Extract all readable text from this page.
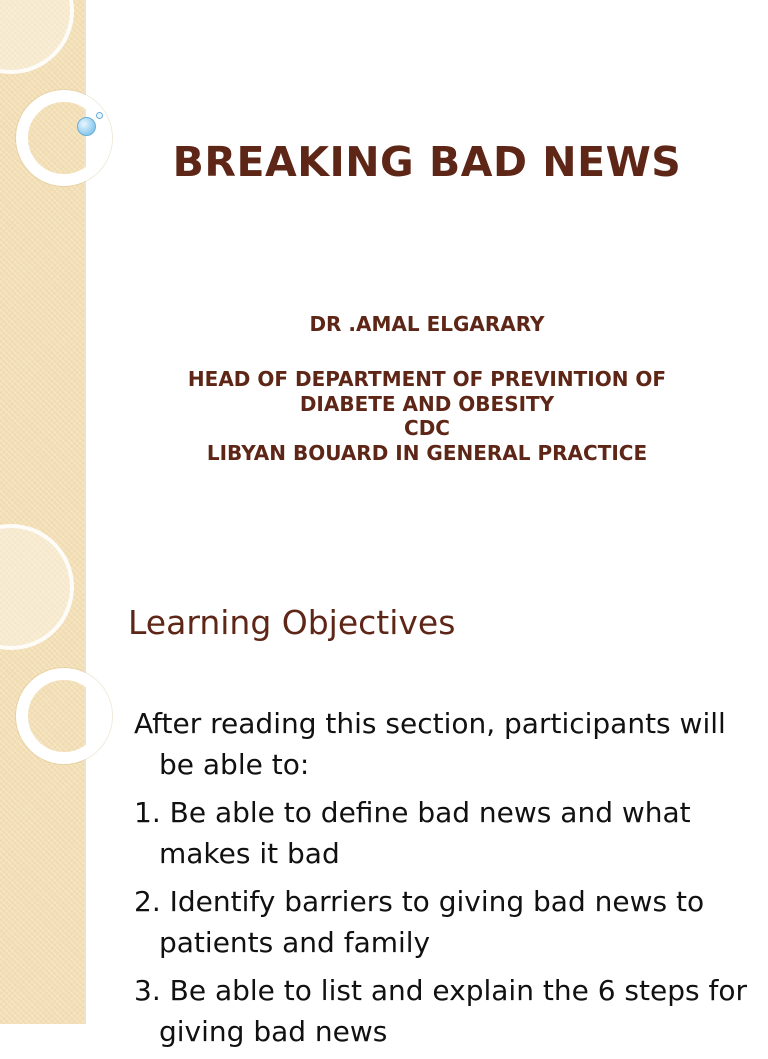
BREAKING BAD NEWS

DR .AMAL ELGARARY

HEAD OF DEPARTMENT OF PREVINTION OF
DIABETE AND OBESITY
CDC
LIBYAN BOUARD IN GENERAL PRACTICE
Learning Objectives
After reading this section, participants will
be able to:
1. Be able to define bad news and what
makes it bad
2. Identify barriers to giving bad news to
patients and family
3. Be able to list and explain the 6 steps for
giving bad news
